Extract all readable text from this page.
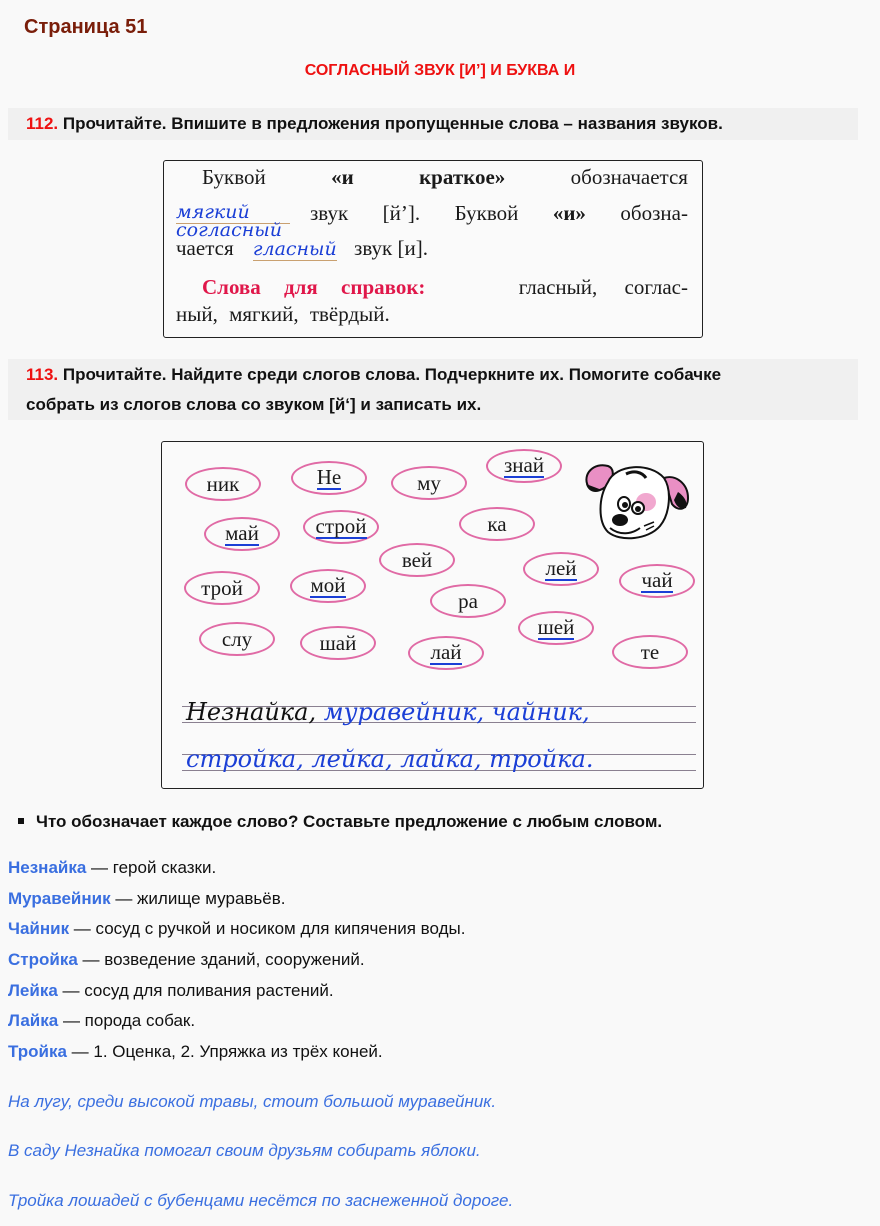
Страница 51
СОГЛАСНЫЙ ЗВУК [И’] И БУКВА И
112. Прочитайте. Впишите в предложения пропущенные слова – названия звуков.
Буквой	«и	краткое»	обозначается
мягкий	звук [й’]. Буквой «и» обозна-
согласный
чается гласный звук [и].
Слова для справок:	гласный, соглас-
ный, мягкий, твёрдый.
113. Прочитайте. Найдите среди слогов слова. Подчеркните их. Помогите собачке
собрать из слогов слова со звуком [й‘] и записать их.
ник	Не	му
знай
май	строй	ка
вей
трой	мой
лей	чай
ра
слу	шай
шей
лай	те
Незнайка, муравейник, чайник,
стройка, лейка, лайка, тройка.
Что обозначает каждое слово? Составьте предложение с любым словом.
Незнайка — герой сказки.
Муравейник — жилище муравьёв.
Чайник — сосуд с ручкой и носиком для кипячения воды.
Стройка — возведение зданий, сооружений.
Лейка — сосуд для поливания растений.
Лайка — порода собак.
Тройка — 1. Оценка, 2. Упряжка из трёх коней.
На лугу, среди высокой травы, стоит большой муравейник.
В саду Незнайка помогал своим друзьям собирать яблоки.
Тройка лошадей с бубенцами несётся по заснеженной дороге.
